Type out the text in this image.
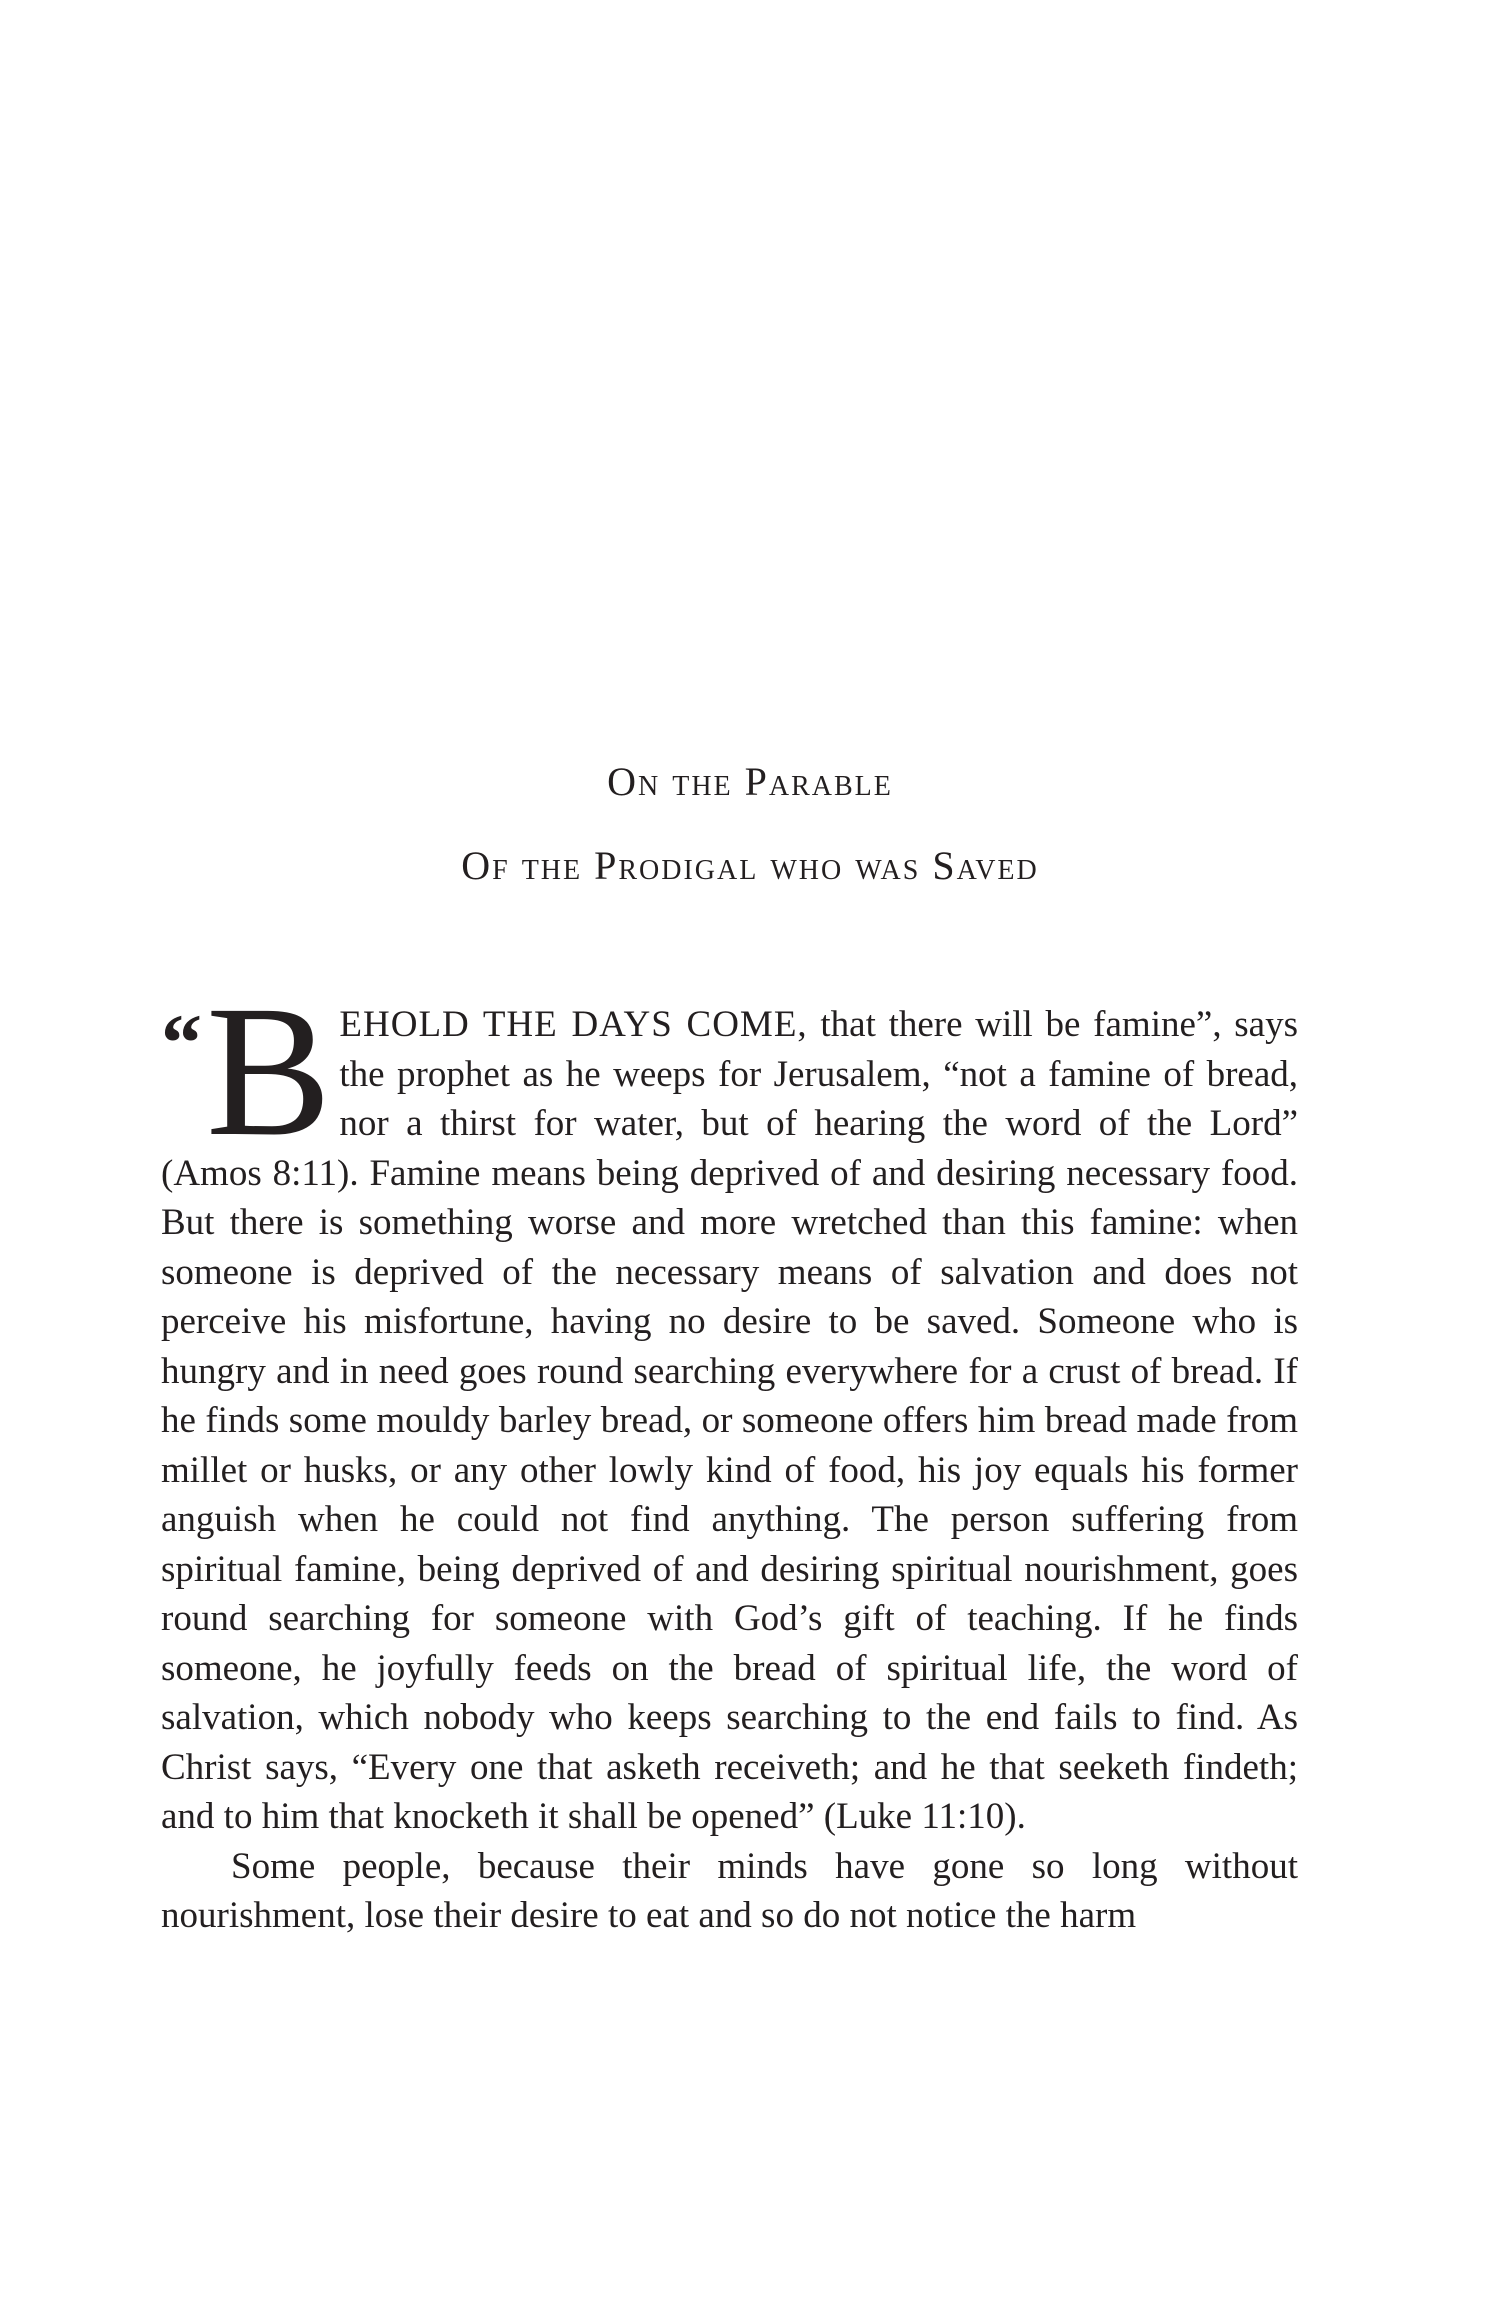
On the Parable
Of the Prodigal who was Saved

“ B EHOLD THE DAYS COME, that there will be famine”, says the prophet as he weeps for Jerusalem, “not a famine of bread, nor a thirst for water, but of hearing the word of the Lord” (Amos 8:11). Famine means being deprived of and desiring necessary food. But there is something worse and more wretched than this famine: when someone is deprived of the necessary means of salvation and does not perceive his misfortune, having no desire to be saved. Someone who is hungry and in need goes round searching everywhere for a crust of bread. If he finds some mouldy barley bread, or someone offers him bread made from millet or husks, or any other lowly kind of food, his joy equals his former anguish when he could not find anything. The person suffering from spiritual famine, being deprived of and desiring spiritual nourishment, goes round searching for someone with God’s gift of teaching. If he finds someone, he joyfully feeds on the bread of spiritual life, the word of salvation, which nobody who keeps searching to the end fails to find. As Christ says, “Every one that asketh receiveth; and he that seeketh findeth; and to him that knocketh it shall be opened” (Luke 11:10).

Some people, because their minds have gone so long without nourishment, lose their desire to eat and so do not notice the harm
